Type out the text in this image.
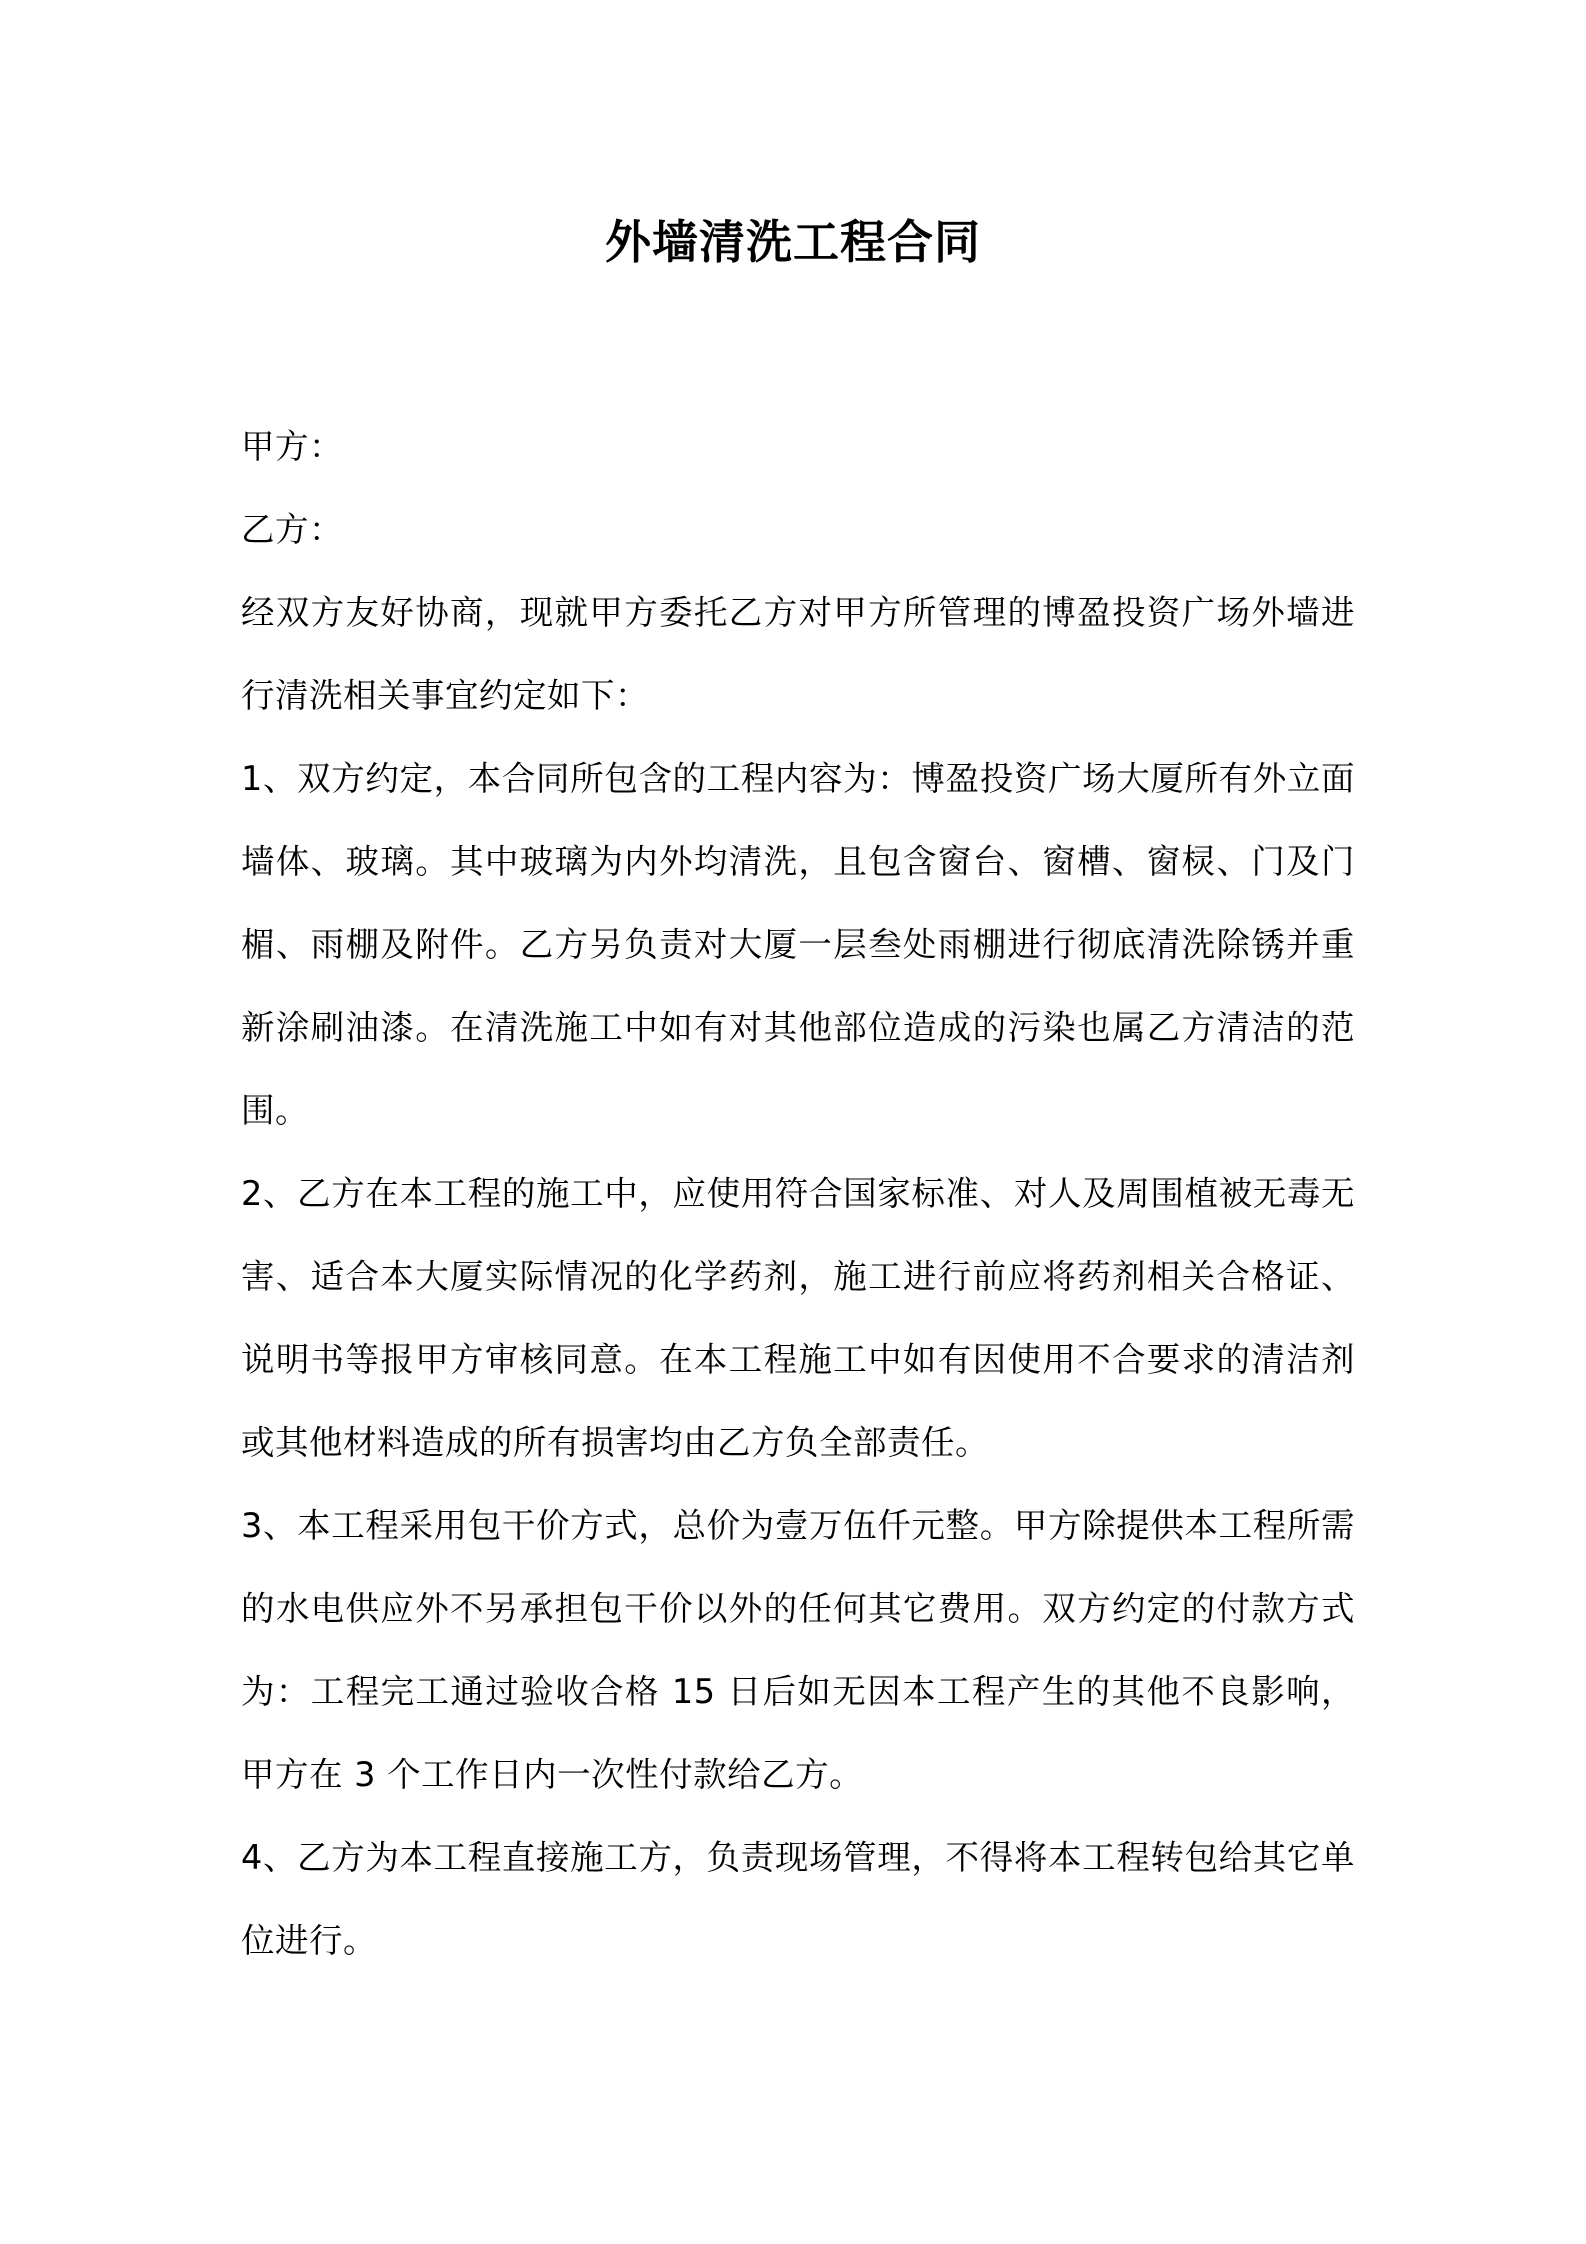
外墙清洗工程合同

甲方：

乙方：

经双方友好协商，现就甲方委托乙方对甲方所管理的博盈投资广场外墙进行清洗相关事宜约定如下：

1、双方约定，本合同所包含的工程内容为：博盈投资广场大厦所有外立面墙体、玻璃。其中玻璃为内外均清洗，且包含窗台、窗槽、窗棂、门及门楣、雨棚及附件。乙方另负责对大厦一层叁处雨棚进行彻底清洗除锈并重新涂刷油漆。在清洗施工中如有对其他部位造成的污染也属乙方清洁的范围。

2、乙方在本工程的施工中，应使用符合国家标准、对人及周围植被无毒无害、适合本大厦实际情况的化学药剂，施工进行前应将药剂相关合格证、说明书等报甲方审核同意。在本工程施工中如有因使用不合要求的清洁剂或其他材料造成的所有损害均由乙方负全部责任。

3、本工程采用包干价方式，总价为壹万伍仟元整。甲方除提供本工程所需的水电供应外不另承担包干价以外的任何其它费用。双方约定的付款方式为：工程完工通过验收合格 15 日后如无因本工程产生的其他不良影响，甲方在 3 个工作日内一次性付款给乙方。

4、乙方为本工程直接施工方，负责现场管理，不得将本工程转包给其它单位进行。
